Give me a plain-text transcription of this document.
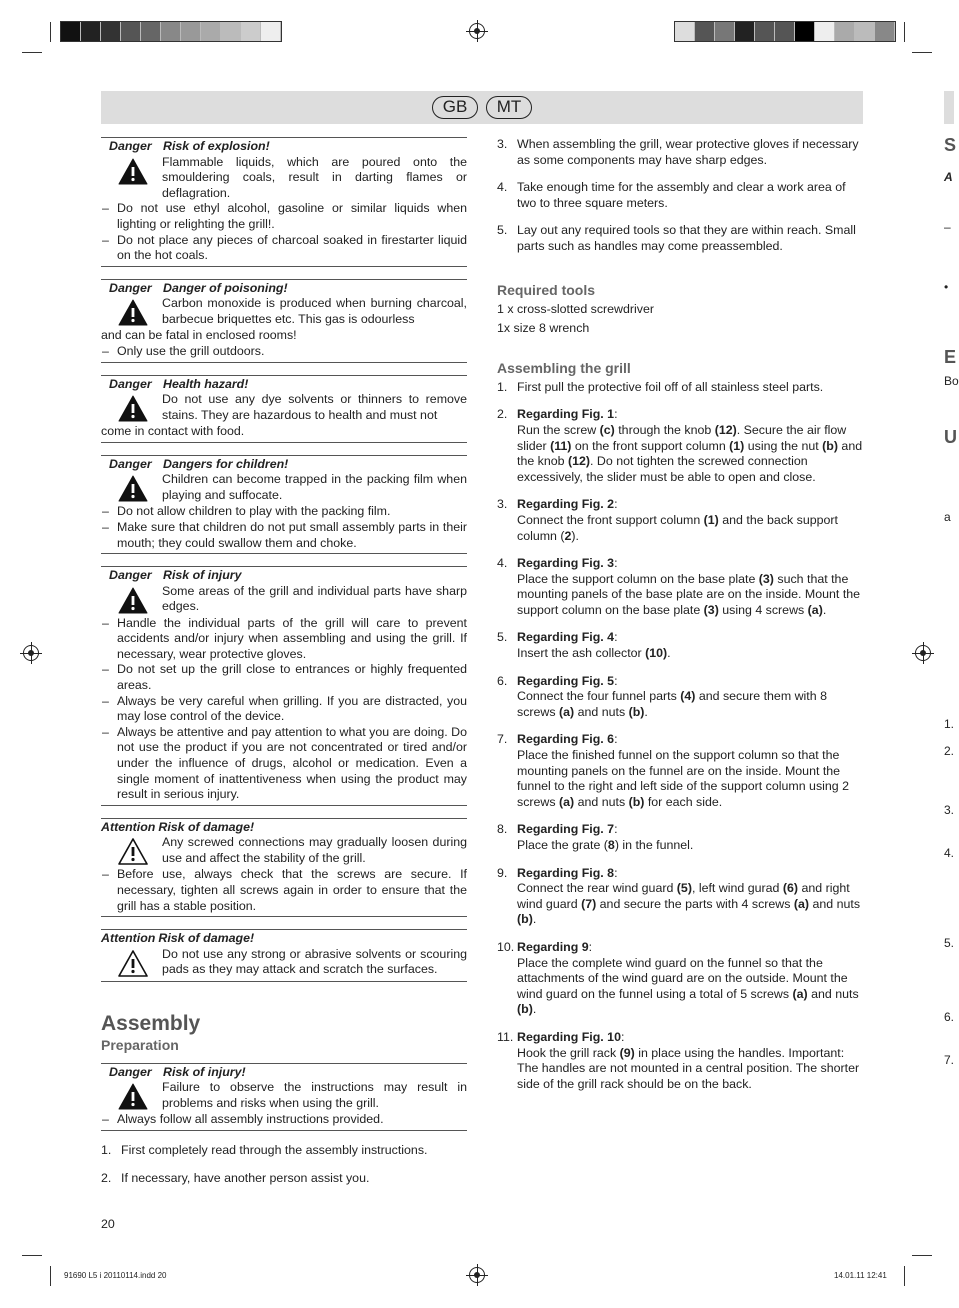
GB	MT
Danger Risk of explosion!
Flammable liquids, which are poured onto the smouldering coals, result in darting flames or deflagration.
– Do not use ethyl alcohol, gasoline or similar liquids when lighting or relighting the grill!.
– Do not place any pieces of charcoal soaked in firestarter liquid on the hot coals.
Danger Danger of poisoning!
Carbon monoxide is produced when burning charcoal, barbecue briquettes etc. This gas is odourless
and can be fatal in enclosed rooms!
– Only use the grill outdoors.
Danger Health hazard!
Do not use any dye solvents or thinners to remove stains. They are hazardous to health and must not
come in contact with food.
Danger Dangers for children!
Children can become trapped in the packing film when playing and suffocate.
– Do not allow children to play with the packing film.
– Make sure that children do not put small assembly parts in their mouth; they could swallow them and choke.
Danger Risk of injury
Some areas of the grill and individual parts have sharp edges.
– Handle the individual parts of the grill will care to prevent accidents and/or injury when assembling and using the grill. If necessary, wear protective gloves.
– Do not set up the grill close to entrances or highly frequented areas.
– Always be very careful when grilling. If you are distracted, you may lose control of the device.
– Always be attentive and pay attention to what you are doing. Do not use the product if you are not concentrated or tired and/or under the influence of drugs, alcohol or medication. Even a single moment of inattentiveness when using the product may result in serious injury.
Attention Risk of damage!
Any screwed connections may gradually loosen during use and affect the stability of the grill.
– Before use, always check that the screws are secure. If necessary, tighten all screws again in order to ensure that the grill has a stable position.
Attention Risk of damage!
Do not use any strong or abrasive solvents or scouring pads as they may attack and scratch the surfaces.
Assembly
Preparation
Danger Risk of injury!
Failure to observe the instructions may result in problems and risks when using the grill.
– Always follow all assembly instructions provided.
1. First completely read through the assembly instructions.
2. If necessary, have another person assist you.
3. When assembling the grill, wear protective gloves if necessary as some components may have sharp edges.
4. Take enough time for the assembly and clear a work area of two to three square meters.
5. Lay out any required tools so that they are within reach. Small parts such as handles may come preassembled.
Required tools
1 x cross-slotted screwdriver
1x size 8 wrench
Assembling the grill
1. First pull the protective foil off of all stainless steel parts.
2. Regarding Fig. 1:
Run the screw (c) through the knob (12). Secure the air flow slider (11) on the front support column (1) using the nut (b) and the knob (12). Do not tighten the screwed connection excessively, the slider must be able to open and close.
3. Regarding Fig. 2:
Connect the front support column (1) and the back support column (2).
4. Regarding Fig. 3:
Place the support column on the base plate (3) such that the mounting panels of the base plate are on the inside. Mount the support column on the base plate (3) using 4 screws (a).
5. Regarding Fig. 4:
Insert the ash collector (10).
6. Regarding Fig. 5:
Connect the four funnel parts (4) and secure them with 8 screws (a) and nuts (b).
7. Regarding Fig. 6:
Place the finished funnel on the support column so that the mounting panels on the funnel are on the inside. Mount the funnel to the right and left side of the support column using 2 screws (a) and nuts (b) for each side.
8. Regarding Fig. 7:
Place the grate (8) in the funnel.
9. Regarding Fig. 8:
Connect the rear wind guard (5), left wind gurad (6) and right wind guard (7) and secure the parts with 4 screws (a) and nuts (b).
10. Regarding 9:
Place the complete wind guard on the funnel so that the attachments of the wind guard are on the outside. Mount the wind guard on the funnel using a total of 5 screws (a) and nuts (b).
11. Regarding Fig. 10:
Hook the grill rack (9) in place using the handles. Important: The handles are not mounted in a central position. The shorter side of the grill rack should be on the back.
20
91690 L5 i 20110114.indd 20	14.01.11 12:41
S
A
–
•
E
Bo
U
a
1.
2.
3.
4.
5.
6.
7.
